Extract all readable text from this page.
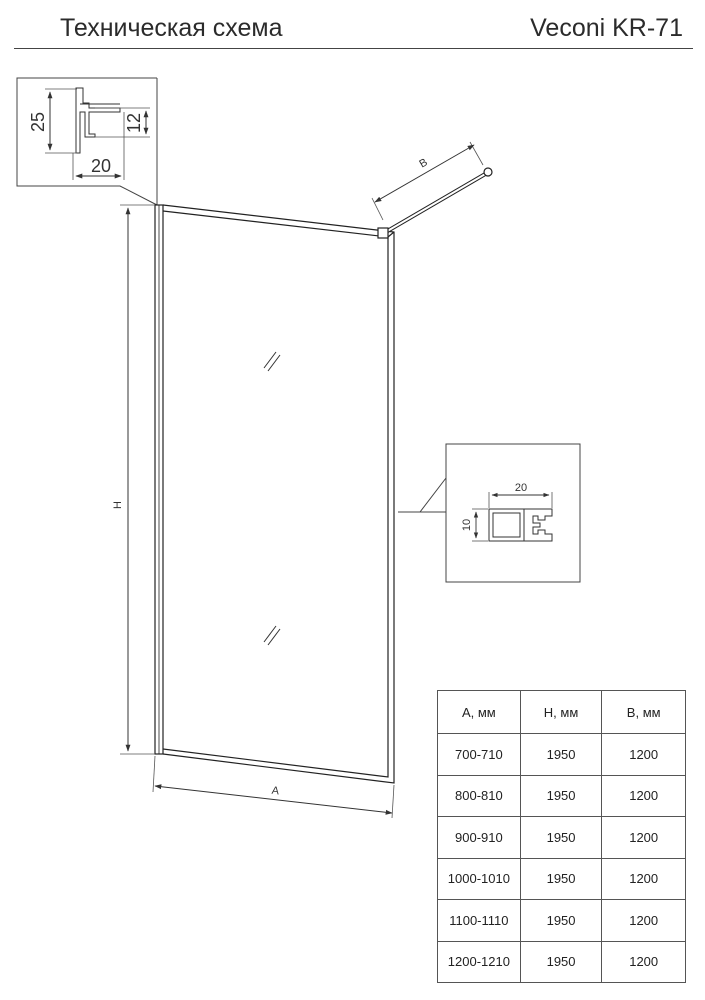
Техническая схема	Veconi KR-71
25	12
20	B
H
A
20
10
A, мм	H, мм	B, мм
700-710	1950	1200
800-810	1950	1200
900-910	1950	1200
1000-1010	1950	1200
1100-1110	1950	1200
1200-1210	1950	1200
